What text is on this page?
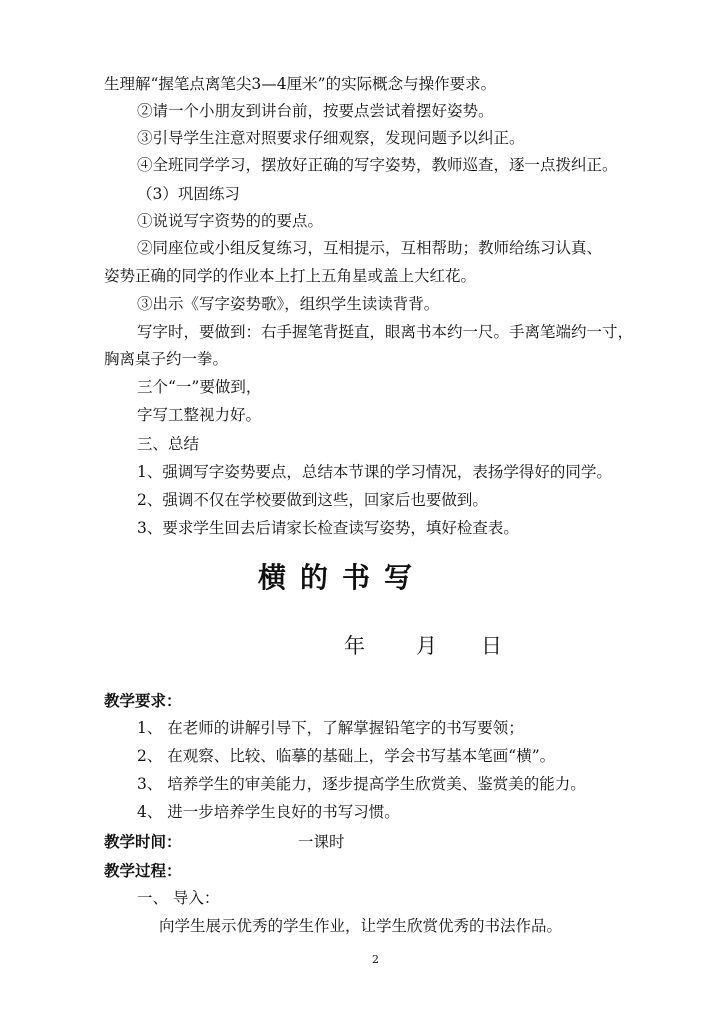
生理解“握笔点离笔尖3—4厘米”的实际概念与操作要求。
②请一个小朋友到讲台前，按要点尝试着摆好姿势。
③引导学生注意对照要求仔细观察，发现问题予以纠正。
④全班同学学习，摆放好正确的写字姿势，教师巡查，逐一点拨纠正。
（3）巩固练习
①说说写字资势的的要点。
②同座位或小组反复练习，互相提示，互相帮助；教师给练习认真、
姿势正确的同学的作业本上打上五角星或盖上大红花。
③出示《写字姿势歌》，组织学生读读背背。
写字时，要做到：右手握笔背挺直，眼离书本约一尺。手离笔端约一寸，
胸离桌子约一拳。
三个“一”要做到，
字写工整视力好。
三、总结
1、强调写字姿势要点，总结本节课的学习情况，表扬学得好的同学。
2、强调不仅在学校要做到这些，回家后也要做到。
3、要求学生回去后请家长检查读写姿势，填好检查表。
横的书写
年 月 日
教学要求：
1、 在老师的讲解引导下，了解掌握铅笔字的书写要领；
2、 在观察、比较、临摹的基础上，学会书写基本笔画“横”。
3、 培养学生的审美能力，逐步提高学生欣赏美、鉴赏美的能力。
4、 进一步培养学生良好的书写习惯。
教学时间：	一课时
教学过程：
一、 导入：
向学生展示优秀的学生作业，让学生欣赏优秀的书法作品。
2
